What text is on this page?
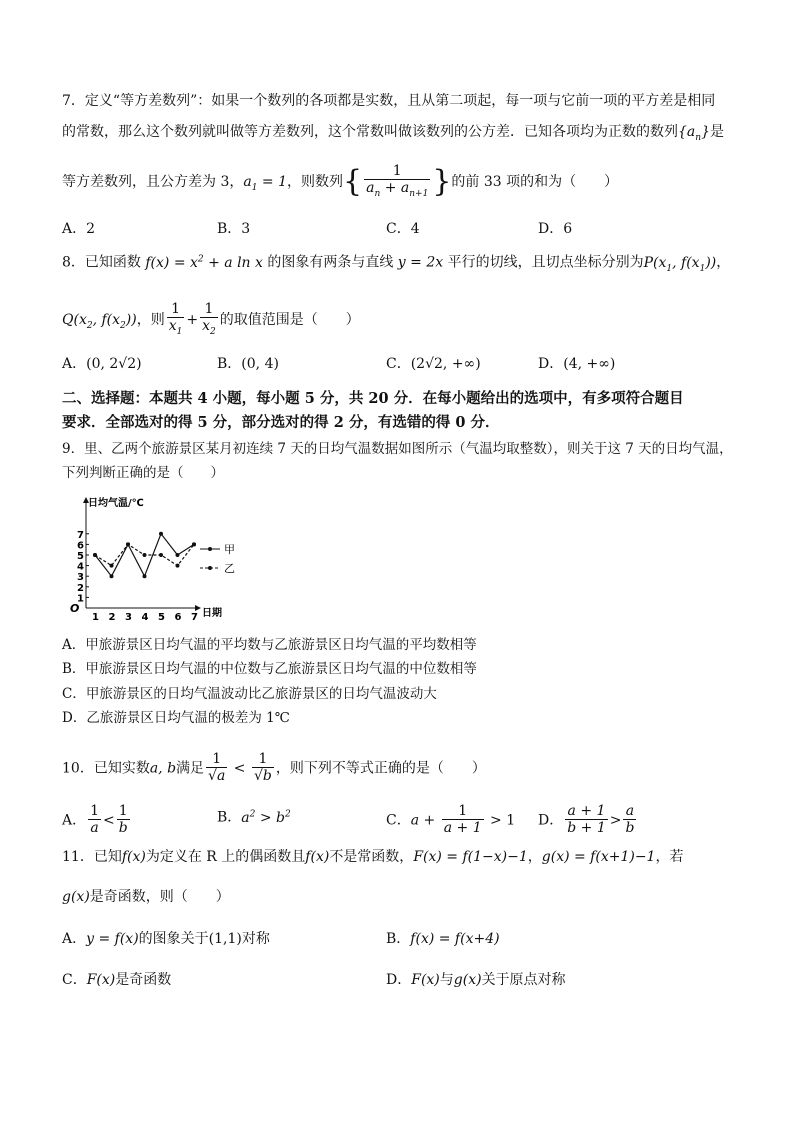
7．定义“等方差数列”：如果一个数列的各项都是实数，且从第二项起，每一项与它前一项的平方差是相同
的常数，那么这个数列就叫做等方差数列，这个常数叫做该数列的公方差．已知各项均为正数的数列$\{a_n\}$是
等方差数列，且公方差为 3，$a_1 = 1$，则数列{ $\frac{1}{a_n + a_{n+1}}$ }的前 33 项的和为（　　）
A．2	B．3	C．4	D．6
8．已知函数 $f(x) = x^2 + a$ ln x 的图象有两条与直线 y = 2x 平行的切线，且切点坐标分别为$P(x_1$, $f(x_1)$)，
$Q(x_2$, $f(x_2)$)，则 $\frac{1}{x_1} + \frac{1}{x_2}$ 的取值范围是（　　）
A．(0, 2√2)	B．(0, 4)	C．(2√2, +∞)	D．(4, +∞)
二、选择题：本题共 4 小题，每小题 5 分，共 20 分．在每小题给出的选项中，有多项符合题目
要求．全部选对的得 5 分，部分选对的得 2 分，有选错的得 0 分．
9．里、乙两个旅游景区某月初连续 7 天的日均气温数据如图所示（气温均取整数），则关于这 7 天的日均气温，
下列判断正确的是（　　）
日均气温/℃
日期
O
1
2
3
4
5
6
7
1 2 3 4 5 6 7
甲
乙
A．甲旅游景区日均气温的平均数与乙旅游景区日均气温的平均数相等
B．甲旅游景区日均气温的中位数与乙旅游景区日均气温的中位数相等
C．甲旅游景区的日均气温波动比乙旅游景区的日均气温波动大
D．乙旅游景区日均气温的极差为 1℃
10．已知实数a, b满足 $\frac{1}{√a} < \frac{1}{√b}$ ，则下列不等式正确的是（　　）
A． $\frac{1}{a} < \frac{1}{b}$	B．$a^2 > b^2$	C．$a + \frac{1}{a + 1} > 1$ D． $\frac{a + 1}{b + 1} > \frac{a}{b}$
11．已知f(x)为定义在 R 上的偶函数且f(x)不是常函数，F(x) = f(1−x)−1，g(x) = f(x+1)−1，若
g(x)是奇函数，则（　　）
A．y = f(x)的图象关于(1,1)对称	B．f(x) = f(x+4)
C．F(x)是奇函数	D．F(x)与g(x)关于原点对称
